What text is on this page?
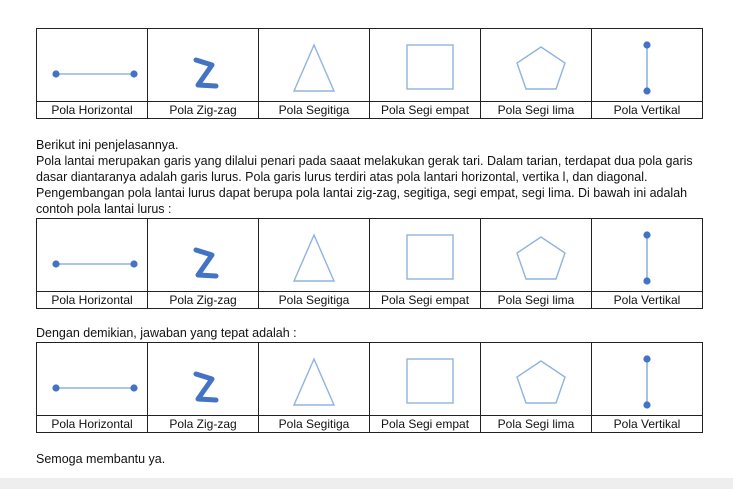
Pola Horizontal	Pola Zig-zag	Pola Segitiga	Pola Segi empat	Pola Segi lima	Pola Vertikal

Berikut ini penjelasannya.

Pola lantai merupakan garis yang dilalui penari pada saaat melakukan gerak tari. Dalam tarian, terdapat dua pola garis dasar diantaranya adalah garis lurus. Pola garis lurus terdiri atas pola lantari horizontal, vertika l, dan diagonal. Pengembangan pola lantai lurus dapat berupa pola lantai zig-zag, segitiga, segi empat, segi lima. Di bawah ini adalah contoh pola lantai lurus :

Pola Horizontal	Pola Zig-zag	Pola Segitiga	Pola Segi empat	Pola Segi lima	Pola Vertikal

Dengan demikian, jawaban yang tepat adalah :

Pola Horizontal	Pola Zig-zag	Pola Segitiga	Pola Segi empat	Pola Segi lima	Pola Vertikal

Semoga membantu ya.
